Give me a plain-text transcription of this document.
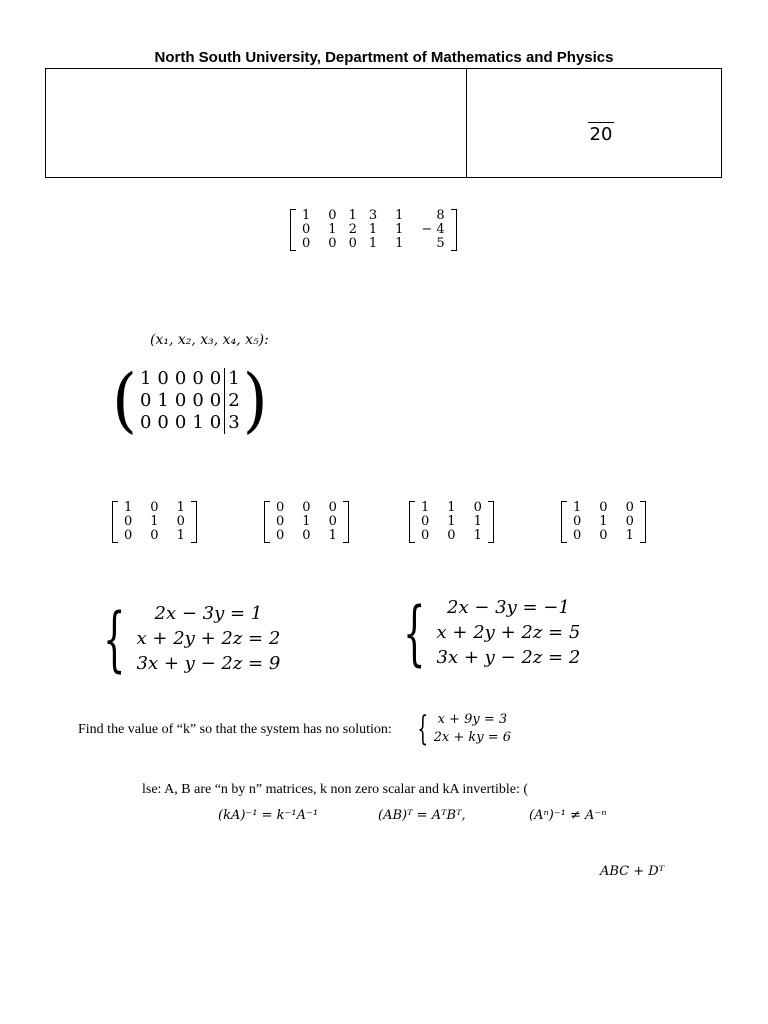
North South University, Department of Mathematics and Physics
20
1	0	1	3	1	8
0	1	2	1	1	− 4
0	0	0	1	1	5
(x₁, x₂, x₃, x₄, x₅):
( 1	0	0	0	0	1
0	1	0	0	0	2
0	0	0	1	0	3 )
1	0	1
0	1	0
0	0	1
0	0	0
0	1	0
0	0	1
1	1	0
0	1	1
0	0	1
1	0	0
0	1	0
0	0	1
{	2x − 3y = 1
x + 2y + 2z = 2
3x + y − 2z = 9 {	2x − 3y = −1
x + 2y + 2z = 5
3x + y − 2z = 2
Find the value of “k” so that the system has no solution: { x + 9y = 3
2x + ky = 6
lse: A, B are “n by n” matrices, k non zero scalar and kA invertible: (
(kA)⁻¹ = k⁻¹A⁻¹	(AB)ᵀ = AᵀBᵀ,	(Aⁿ)⁻¹ ≠ A⁻ⁿ
ABC + Dᵀ
